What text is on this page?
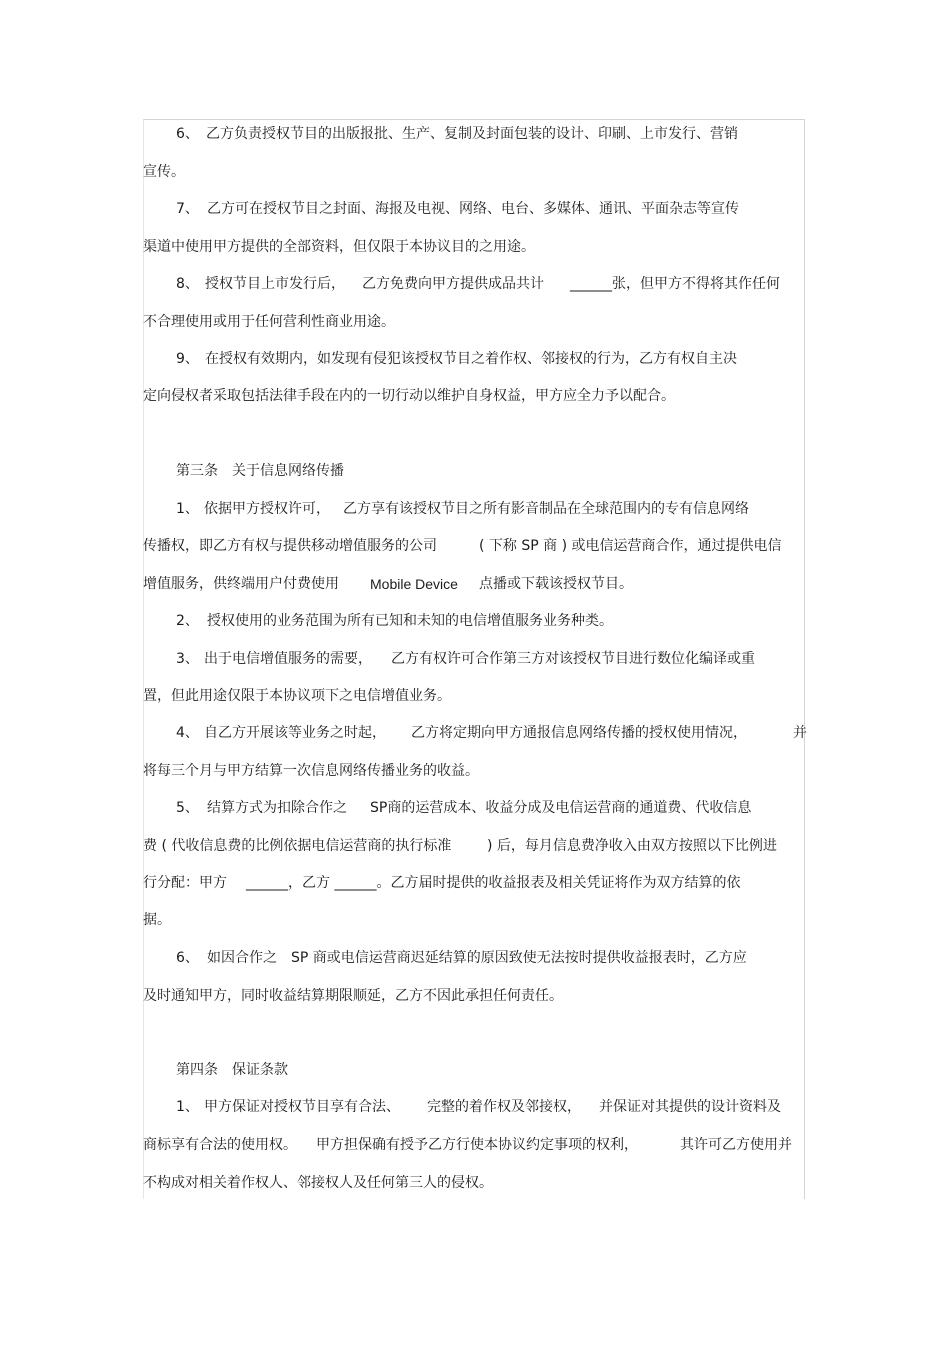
6、 乙方负责授权节目的出版报批、生产、复制及封面包装的设计、印刷、上市发行、营销
宣传。
7、 乙方可在授权节目之封面、海报及电视、网络、电台、多媒体、通讯、平面杂志等宣传
渠道中使用甲方提供的全部资料，但仅限于本协议目的之用途。
8、 授权节目上市发行后， 乙方免费向甲方提供成品共计 ______张，但甲方不得将其作任何
不合理使用或用于任何营利性商业用途。
9、 在授权有效期内，如发现有侵犯该授权节目之着作权、邻接权的行为，乙方有权自主决
定向侵权者采取包括法律手段在内的一切行动以维护自身权益，甲方应全力予以配合。
第三条 关于信息网络传播
1、 依据甲方授权许可， 乙方享有该授权节目之所有影音制品在全球范围内的专有信息网络
传播权，即乙方有权与提供移动增值服务的公司	( 下称 SP 商 ) 或电信运营商合作，通过提供电信
增值服务，供终端用户付费使用 Mobile Device 点播或下载该授权节目。
2、 授权使用的业务范围为所有已知和未知的电信增值服务业务种类。
3、 出于电信增值服务的需要， 乙方有权许可合作第三方对该授权节目进行数位化编译或重
置，但此用途仅限于本协议项下之电信增值业务。
4、 自乙方开展该等业务之时起， 乙方将定期向甲方通报信息网络传播的授权使用情况，	并
将每三个月与甲方结算一次信息网络传播业务的收益。
5、 结算方式为扣除合作之 SP商的运营成本、收益分成及电信运营商的通道费、代收信息
费 ( 代收信息费的比例依据电信运营商的执行标准	) 后，每月信息费净收入由双方按照以下比例进
行分配：甲方 ______，乙方 ______。乙方届时提供的收益报表及相关凭证将作为双方结算的依
据。
6、 如因合作之 SP 商或电信运营商迟延结算的原因致使无法按时提供收益报表时，乙方应
及时通知甲方，同时收益结算期限顺延，乙方不因此承担任何责任。
第四条 保证条款
1、 甲方保证对授权节目享有合法、 完整的着作权及邻接权， 并保证对其提供的设计资料及
商标享有合法的使用权。 甲方担保确有授予乙方行使本协议约定事项的权利，	其许可乙方使用并
不构成对相关着作权人、邻接权人及任何第三人的侵权。
